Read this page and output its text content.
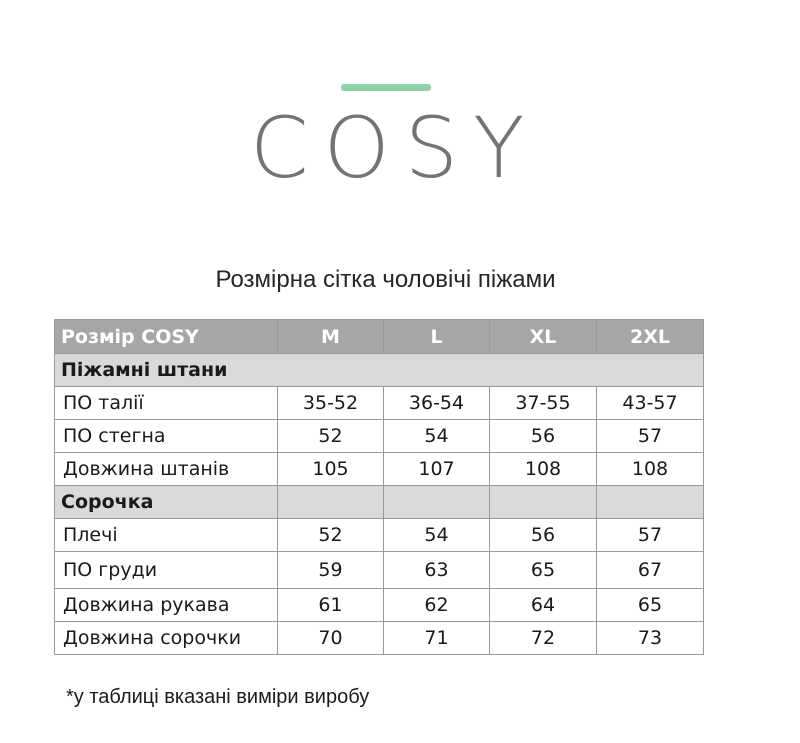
COSY
Розмірна сітка чоловічі піжами
Розмір COSY	M	L	XL	2XL
Піжамні штани				
ПО талії	35-52	36-54	37-55	43-57
ПО стегна	52	54	56	57
Довжина штанів	105	107	108	108
Сорочка				
Плечі	52	54	56	57
ПО груди	59	63	65	67
Довжина рукава	61	62	64	65
Довжина сорочки	70	71	72	73
*у таблиці вказані виміри виробу
